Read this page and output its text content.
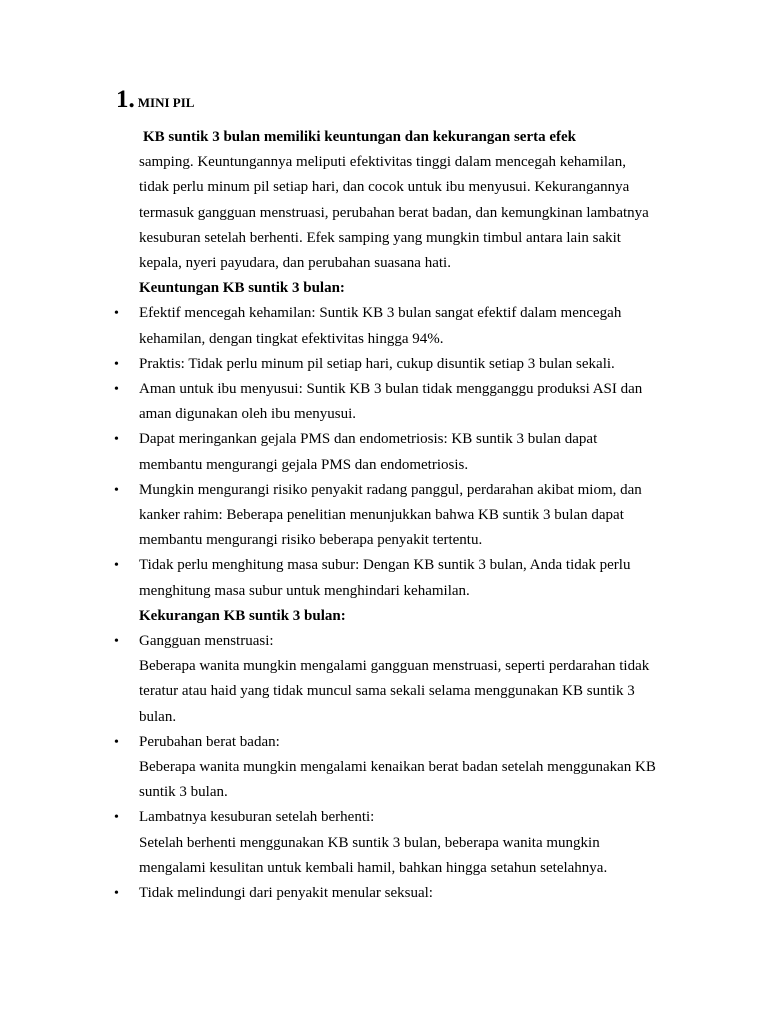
1. MINI PIL
KB suntik 3 bulan memiliki keuntungan dan kekurangan serta efek
samping. Keuntungannya meliputi efektivitas tinggi dalam mencegah kehamilan,
tidak perlu minum pil setiap hari, dan cocok untuk ibu menyusui. Kekurangannya
termasuk gangguan menstruasi, perubahan berat badan, dan kemungkinan lambatnya
kesuburan setelah berhenti. Efek samping yang mungkin timbul antara lain sakit
kepala, nyeri payudara, dan perubahan suasana hati.
Keuntungan KB suntik 3 bulan:
• Efektif mencegah kehamilan: Suntik KB 3 bulan sangat efektif dalam mencegah
kehamilan, dengan tingkat efektivitas hingga 94%.
• Praktis: Tidak perlu minum pil setiap hari, cukup disuntik setiap 3 bulan sekali.
• Aman untuk ibu menyusui: Suntik KB 3 bulan tidak mengganggu produksi ASI dan
aman digunakan oleh ibu menyusui.
• Dapat meringankan gejala PMS dan endometriosis: KB suntik 3 bulan dapat
membantu mengurangi gejala PMS dan endometriosis.
• Mungkin mengurangi risiko penyakit radang panggul, perdarahan akibat miom, dan
kanker rahim: Beberapa penelitian menunjukkan bahwa KB suntik 3 bulan dapat
membantu mengurangi risiko beberapa penyakit tertentu.
• Tidak perlu menghitung masa subur: Dengan KB suntik 3 bulan, Anda tidak perlu
menghitung masa subur untuk menghindari kehamilan.
Kekurangan KB suntik 3 bulan:
• Gangguan menstruasi:
Beberapa wanita mungkin mengalami gangguan menstruasi, seperti perdarahan tidak
teratur atau haid yang tidak muncul sama sekali selama menggunakan KB suntik 3
bulan.
• Perubahan berat badan:
Beberapa wanita mungkin mengalami kenaikan berat badan setelah menggunakan KB
suntik 3 bulan.
• Lambatnya kesuburan setelah berhenti:
Setelah berhenti menggunakan KB suntik 3 bulan, beberapa wanita mungkin
mengalami kesulitan untuk kembali hamil, bahkan hingga setahun setelahnya.
• Tidak melindungi dari penyakit menular seksual:
